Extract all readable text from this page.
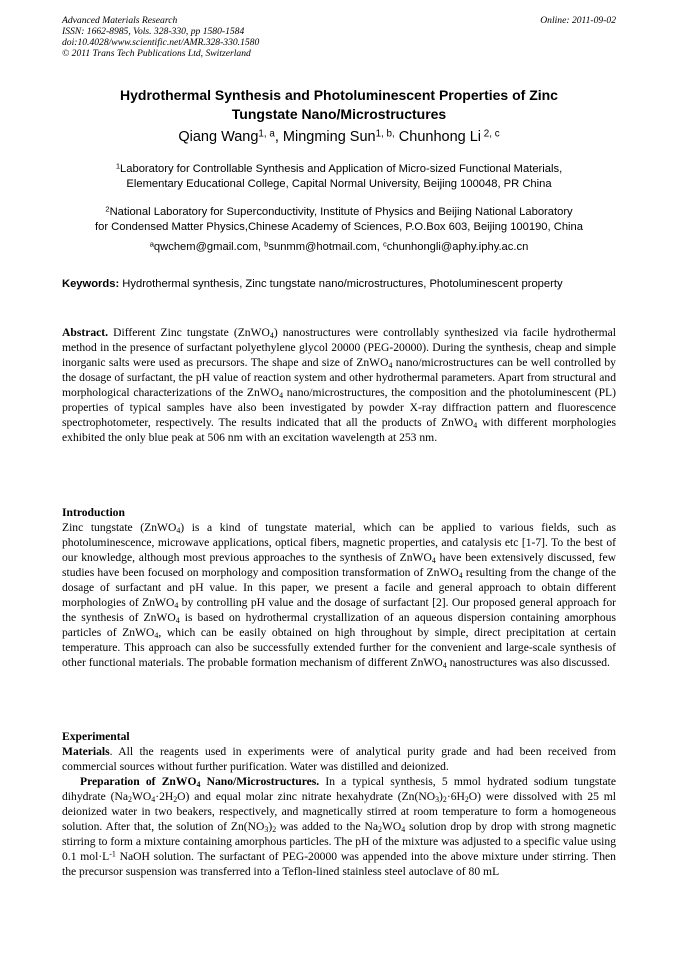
Advanced Materials Research
ISSN: 1662-8985, Vols. 328-330, pp 1580-1584
doi:10.4028/www.scientific.net/AMR.328-330.1580
© 2011 Trans Tech Publications Ltd, Switzerland
Online: 2011-09-02
Hydrothermal Synthesis and Photoluminescent Properties of Zinc
Tungstate Nano/Microstructures
Qiang Wang$^{1, a}$, Mingming Sun$^{1, b,}$ Chunhong Li $^{2, c}$
$^1$Laboratory for Controllable Synthesis and Application of Micro-sized Functional Materials,
Elementary Educational College, Capital Normal University, Beijing 100048, PR China
$^2$National Laboratory for Superconductivity, Institute of Physics and Beijing National Laboratory
for Condensed Matter Physics,Chinese Academy of Sciences, P.O.Box 603, Beijing 100190, China
$^a$qwchem@gmail.com, $^b$sunmm@hotmail.com, $^c$chunhongli@aphy.iphy.ac.cn
Keywords: Hydrothermal synthesis, Zinc tungstate nano/microstructures, Photoluminescent property

Abstract. Different Zinc tungstate (ZnWO$_4$) nanostructures were controllably synthesized via facile hydrothermal method in the presence of surfactant polyethylene glycol 20000 (PEG-20000). During the synthesis, cheap and simple inorganic salts were used as precursors. The shape and size of ZnWO$_4$ nano/microstructures can be well controlled by the dosage of surfactant, the pH value of reaction system and other hydrothermal parameters. Apart from structural and morphological characterizations of the ZnWO$_4$ nano/microstructures, the composition and the photoluminescent (PL) properties of typical samples have also been investigated by powder X-ray diffraction pattern and fluorescence spectrophotometer, respectively. The results indicated that all the products of ZnWO$_4$ with different morphologies exhibited the only blue peak at 506 nm with an excitation wavelength at 253 nm.

Introduction

Zinc tungstate (ZnWO$_4$) is a kind of tungstate material, which can be applied to various fields, such as photoluminescence, microwave applications, optical fibers, magnetic properties, and catalysis etc [1-7]. To the best of our knowledge, although most previous approaches to the synthesis of ZnWO$_4$ have been extensively discussed, few studies have been focused on morphology and composition transformation of ZnWO$_4$ resulting from the change of the dosage of surfactant and pH value. In this paper, we present a facile and general approach to obtain different morphologies of ZnWO$_4$ by controlling pH value and the dosage of surfactant [2]. Our proposed general approach for the synthesis of ZnWO$_4$ is based on hydrothermal crystallization of an aqueous dispersion containing amorphous particles of ZnWO$_4$, which can be easily obtained on high throughout by simple, direct precipitation at certain temperature. This approach can also be successfully extended further for the convenient and large-scale synthesis of other functional materials. The probable formation mechanism of different ZnWO$_4$ nanostructures was also discussed.

Experimental

Materials. All the reagents used in experiments were of analytical purity grade and had been received from commercial sources without further purification. Water was distilled and deionized.

Preparation of ZnWO$_4$ Nano/Microstructures. In a typical synthesis, 5 mmol hydrated sodium tungstate dihydrate $(Na_2WO_4\cdot 2H_2O)$ and equal molar zinc nitrate hexahydrate $(Zn(NO_3)_2\cdot 6H_2O)$ were dissolved with 25 ml deionized water in two beakers, respectively, and magnetically stirred at room temperature to form a homogeneous solution. After that, the solution of $Zn(NO_3)_2$ was added to the $Na_2WO_4$ solution drop by drop with strong magnetic stirring to form a mixture containing amorphous particles. The pH of the mixture was adjusted to a specific value using 0.1 $mol\cdot L^{-1}$ NaOH solution. The surfactant of PEG-20000 was appended into the above mixture under stirring. Then the precursor suspension was transferred into a Teflon-lined stainless steel autoclave of 80 mL
